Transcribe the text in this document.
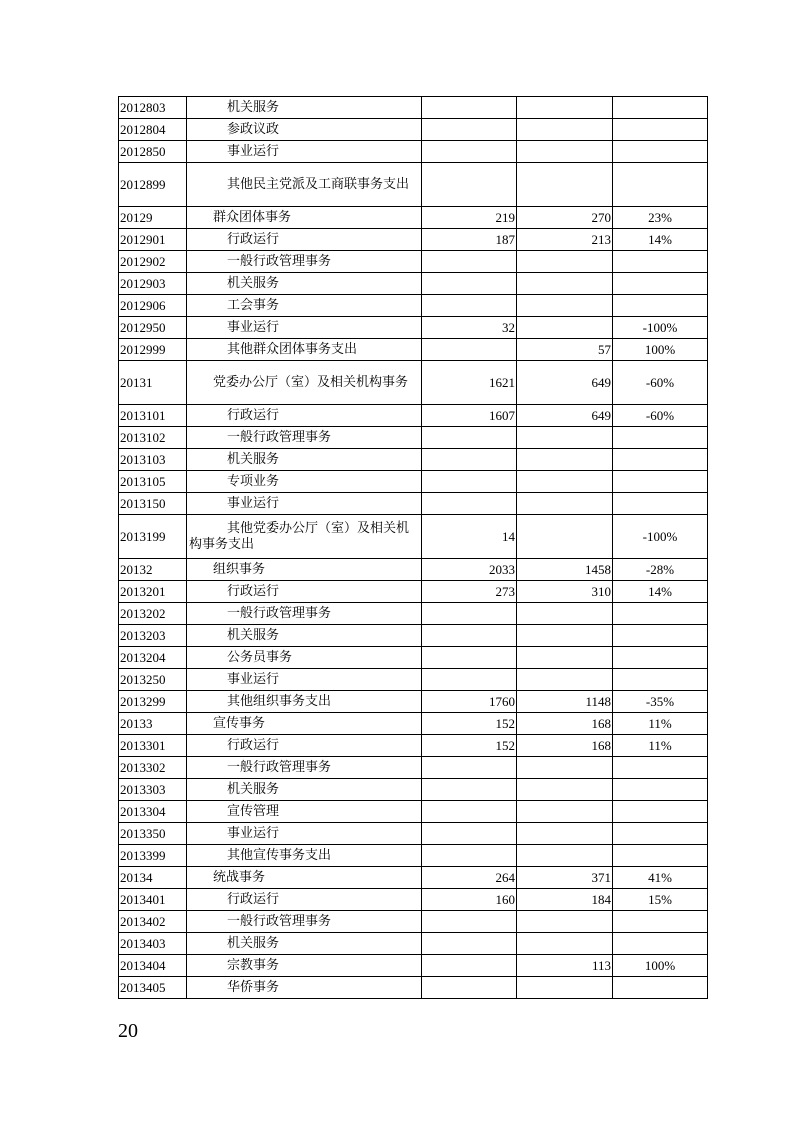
2012803	机关服务			
2012804	参政议政			
2012850	事业运行			
2012899	其他民主党派及工商联事务支出			
20129	群众团体事务	219	270	23%
2012901	行政运行	187	213	14%
2012902	一般行政管理事务			
2012903	机关服务			
2012906	工会事务			
2012950	事业运行	32		-100%
2012999	其他群众团体事务支出		57	100%
20131	党委办公厅（室）及相关机构事务	1621	649	-60%
2013101	行政运行	1607	649	-60%
2013102	一般行政管理事务			
2013103	机关服务			
2013105	专项业务			
2013150	事业运行			
2013199	其他党委办公厅（室）及相关机构事务支出	14		-100%
20132	组织事务	2033	1458	-28%
2013201	行政运行	273	310	14%
2013202	一般行政管理事务			
2013203	机关服务			
2013204	公务员事务			
2013250	事业运行			
2013299	其他组织事务支出	1760	1148	-35%
20133	宣传事务	152	168	11%
2013301	行政运行	152	168	11%
2013302	一般行政管理事务			
2013303	机关服务			
2013304	宣传管理			
2013350	事业运行			
2013399	其他宣传事务支出			
20134	统战事务	264	371	41%
2013401	行政运行	160	184	15%
2013402	一般行政管理事务			
2013403	机关服务			
2013404	宗教事务		113	100%
2013405	华侨事务			
20
